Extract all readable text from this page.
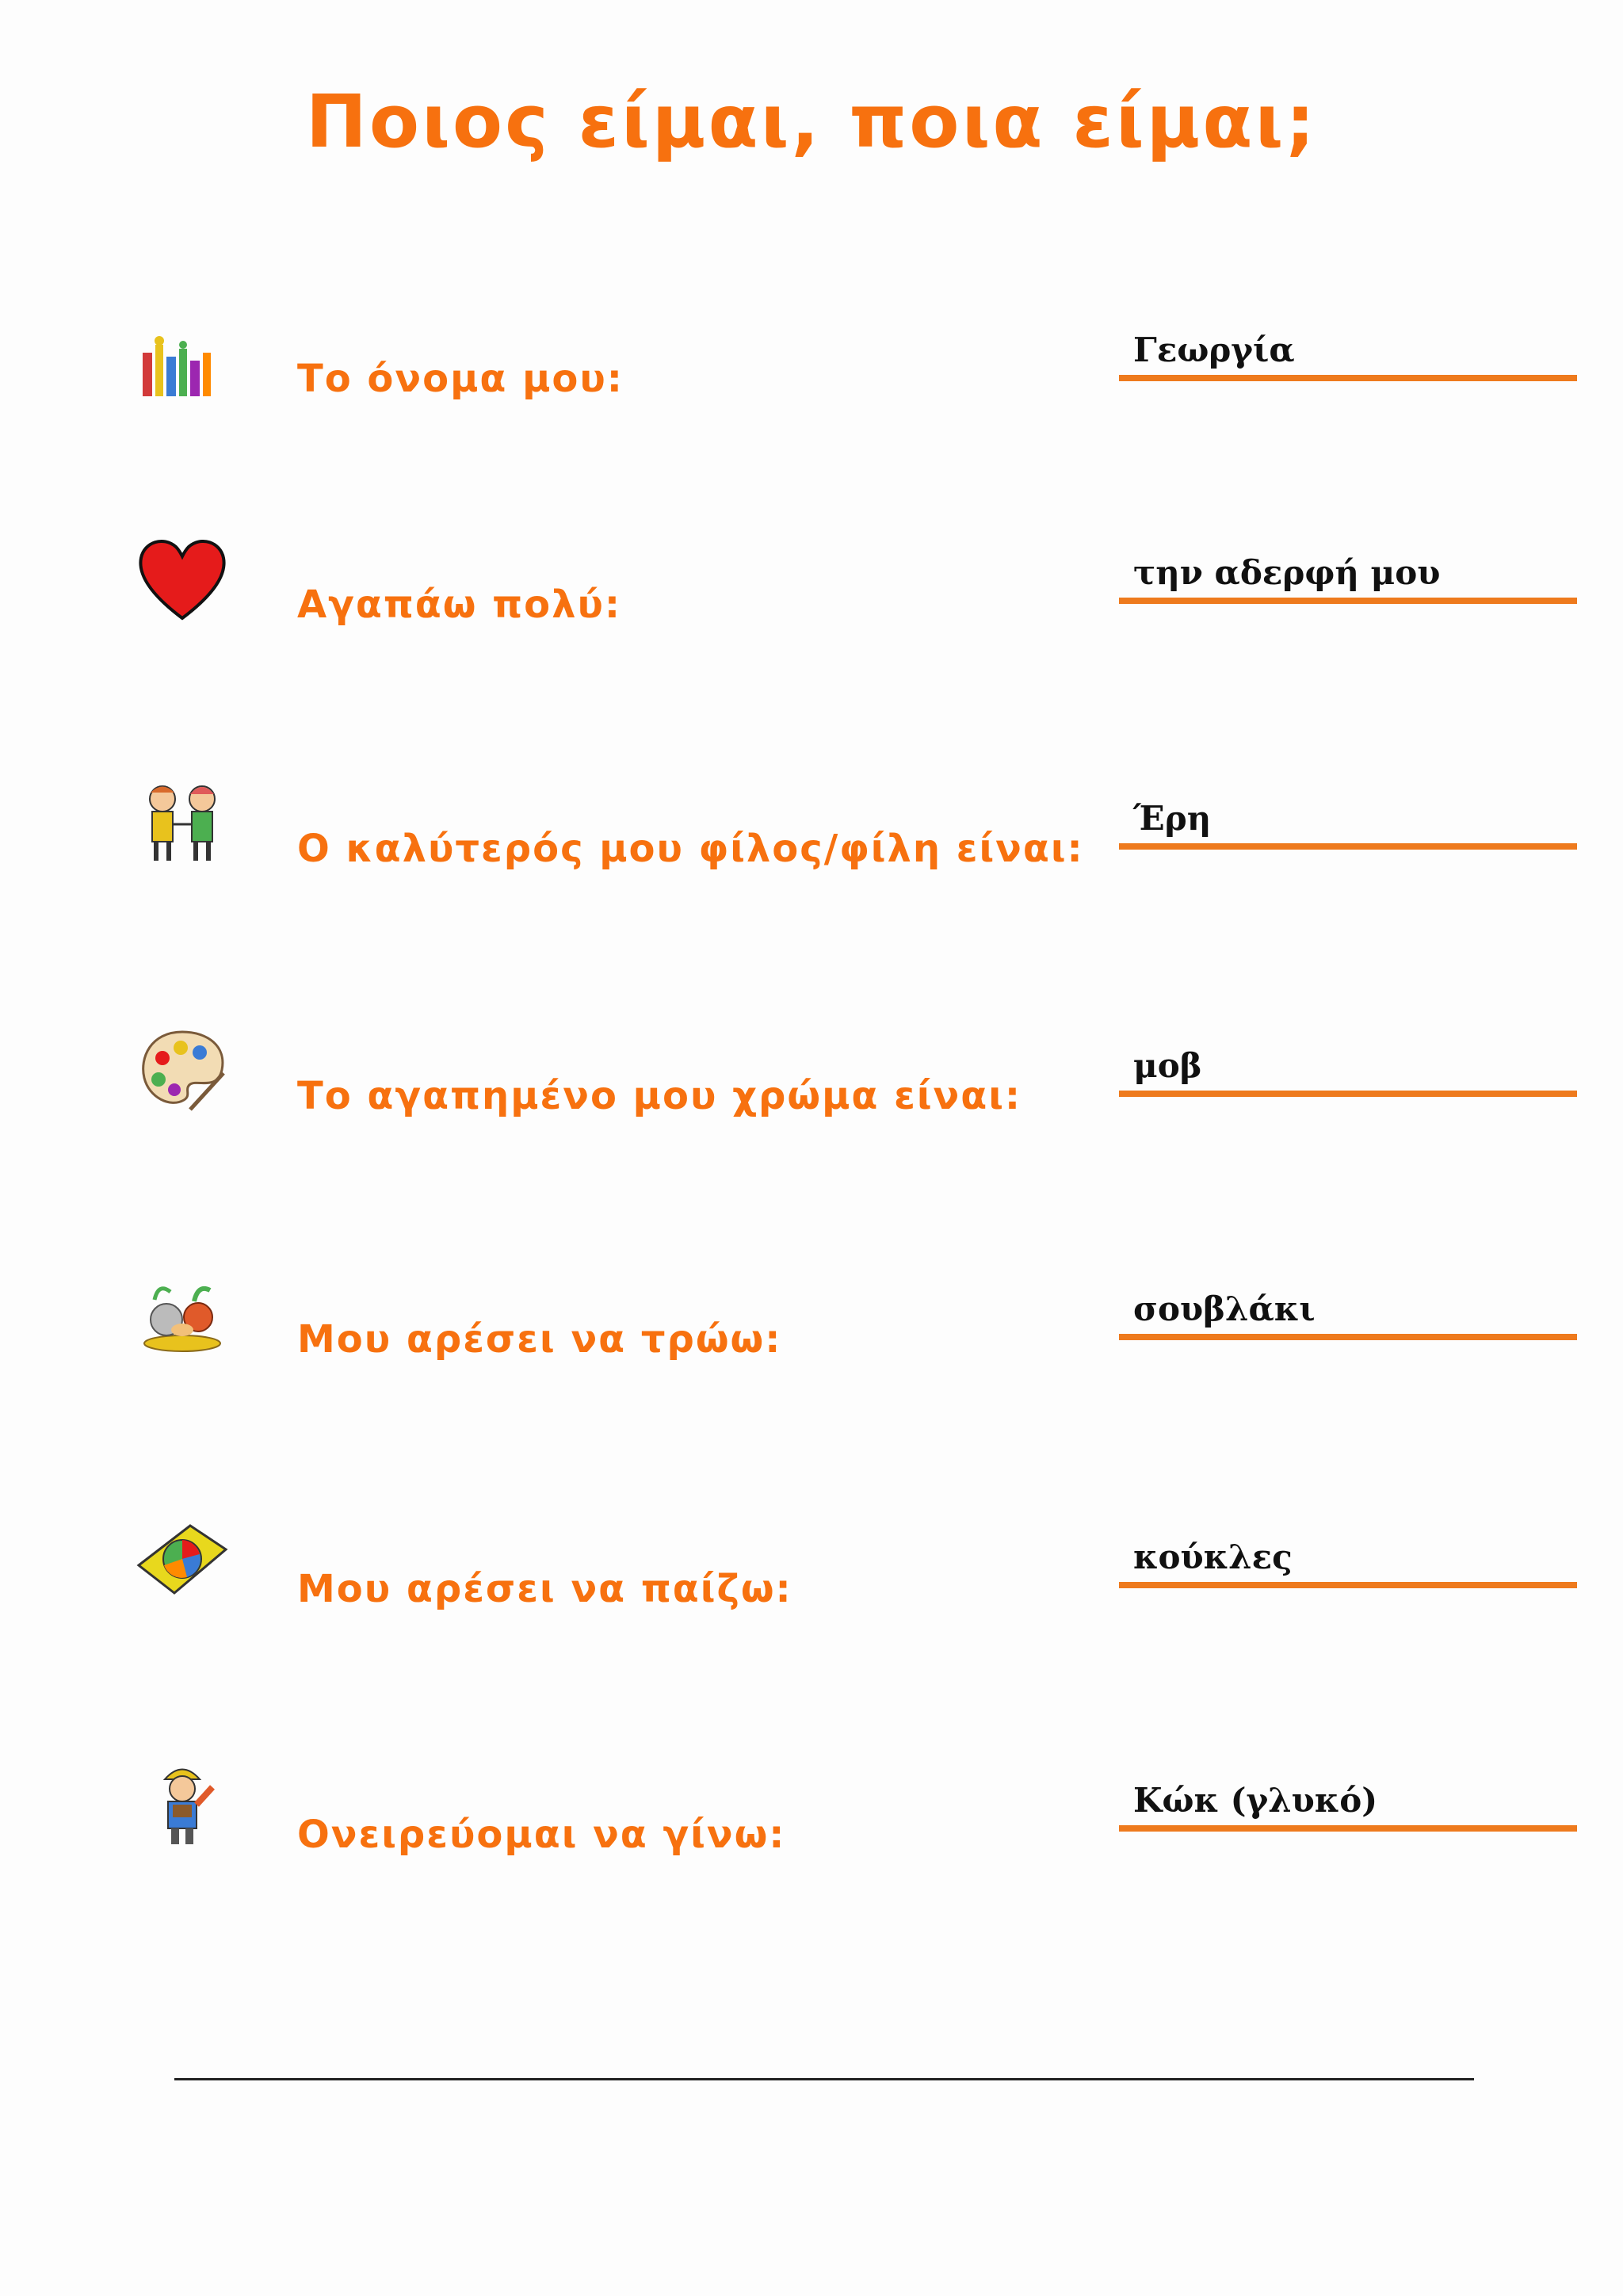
Ποιος είμαι, ποια είμαι;
Το όνομα μου:
Γεωργία
Αγαπάω πολύ:
την αδερφή μου
Ο καλύτερός μου φίλος/φίλη είναι:
Έρη
Το αγαπημένο μου χρώμα είναι:
μοβ
Μου αρέσει να τρώω:
σουβλάκι
Μου αρέσει να παίζω:
κούκλες
Ονειρεύομαι να γίνω:
Κώκ (γλυκό)
